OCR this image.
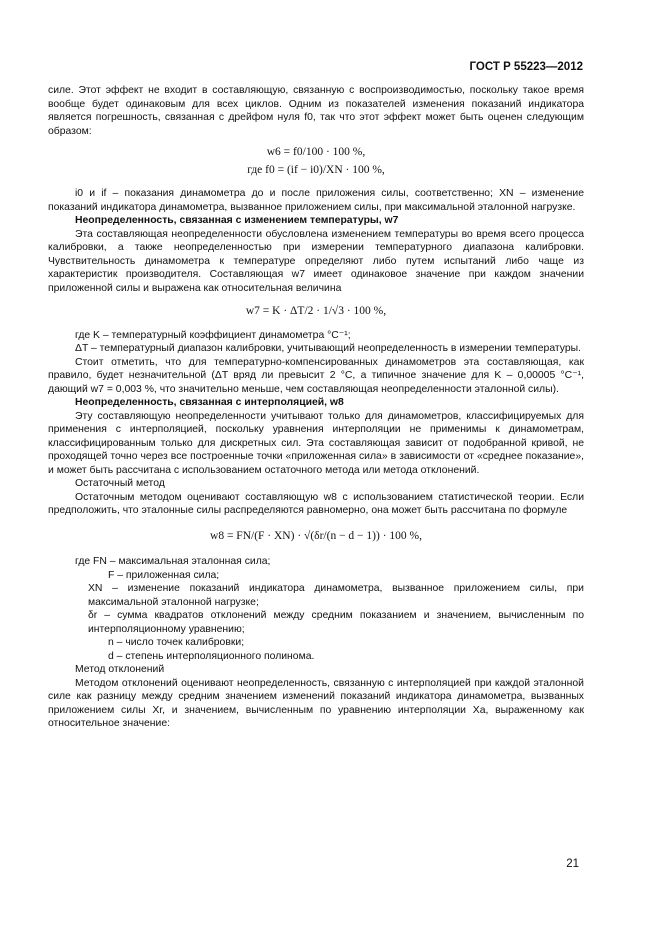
ГОСТ Р 55223—2012

силе. Этот эффект не входит в составляющую, связанную с воспроизводимостью, поскольку такое время вообще будет одинаковым для всех циклов. Одним из показателей изменения показаний индикатора является погрешность, связанная с дрейфом нуля f0, так что этот эффект может быть оценен следующим образом:

w6 = f0/100 · 100 %,
где f0 = (if − i0)/XN · 100 %,

i0 и if – показания динамометра до и после приложения силы, соответственно; XN – изменение показаний индикатора динамометра, вызванное приложением силы, при максимальной эталонной нагрузке.

Неопределенность, связанная с изменением температуры, w7

Эта составляющая неопределенности обусловлена изменением температуры во время всего процесса калибровки, а также неопределенностью при измерении температурного диапазона калибровки. Чувствительность динамометра к температуре определяют либо путем испытаний либо чаще из характеристик производителя. Составляющая w7 имеет одинаковое значение при каждом значении приложенной силы и выражена как относительная величина

w7 = K · ΔT/2 · 1/√3 · 100 %,

где K – температурный коэффициент динамометра °С⁻¹;

ΔT – температурный диапазон калибровки, учитывающий неопределенность в измерении температуры.

Стоит отметить, что для температурно-компенсированных динамометров эта составляющая, как правило, будет незначительной (ΔT вряд ли превысит 2 °С, а типичное значение для K – 0,00005 °С⁻¹, дающий w7 = 0,003 %, что значительно меньше, чем составляющая неопределенности эталонной силы).

Неопределенность, связанная с интерполяцией, w8

Эту составляющую неопределенности учитывают только для динамометров, классифицируемых для применения с интерполяцией, поскольку уравнения интерполяции не применимы к динамометрам, классифицированным только для дискретных сил. Эта составляющая зависит от подобранной кривой, не проходящей точно через все построенные точки «приложенная сила» в зависимости от «среднее показание», и может быть рассчитана с использованием остаточного метода или метода отклонений.

Остаточный метод

Остаточным методом оценивают составляющую w8 с использованием статистической теории. Если предположить, что эталонные силы распределяются равномерно, она может быть рассчитана по формуле

w8 = FN/(F · XN) · √(δr/(n − d − 1)) · 100 %,

где FN – максимальная эталонная сила;

F – приложенная сила;

XN – изменение показаний индикатора динамометра, вызванное приложением силы, при максимальной эталонной нагрузке;

δr – сумма квадратов отклонений между средним показанием и значением, вычисленным по интерполяционному уравнению;

n – число точек калибровки;

d – степень интерполяционного полинома.

Метод отклонений

Методом отклонений оценивают неопределенность, связанную с интерполяцией при каждой эталонной силе как разницу между средним значением изменений показаний индикатора динамометра, вызванных приложением силы Xr, и значением, вычисленным по уравнению интерполяции Xa, выраженному как относительное значение:

21
